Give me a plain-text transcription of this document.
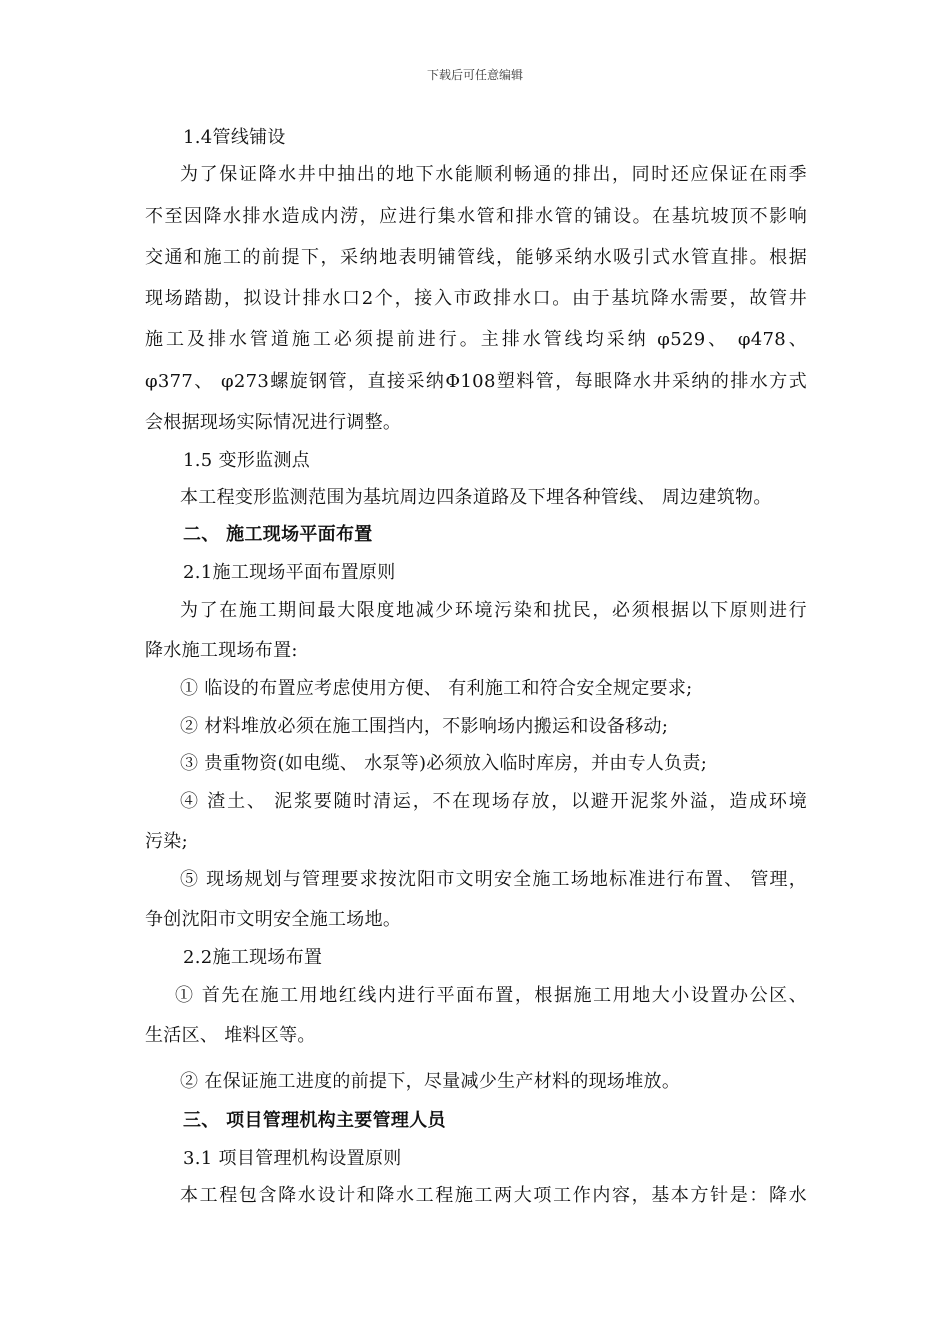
下载后可任意编辑
1.4管线铺设
为了保证降水井中抽出的地下水能顺利畅通的排出，同时还应保证在雨季
不至因降水排水造成内涝，应进行集水管和排水管的铺设。在基坑坡顶不影响
交通和施工的前提下，采纳地表明铺管线，能够采纳水吸引式水管直排。根据
现场踏勘，拟设计排水口2个，接入市政排水口。由于基坑降水需要，故管井
施工及排水管道施工必须提前进行。主排水管线均采纳 φ529、 φ478、
φ377、 φ273螺旋钢管，直接采纳Φ108塑料管，每眼降水井采纳的排水方式
会根据现场实际情况进行调整。
1.5 变形监测点
本工程变形监测范围为基坑周边四条道路及下埋各种管线、 周边建筑物。
二、 施工现场平面布置
2.1施工现场平面布置原则
为了在施工期间最大限度地减少环境污染和扰民，必须根据以下原则进行
降水施工现场布置:
① 临设的布置应考虑使用方便、 有利施工和符合安全规定要求;
② 材料堆放必须在施工围挡内，不影响场内搬运和设备移动;
③ 贵重物资(如电缆、 水泵等)必须放入临时库房，并由专人负责;
④ 渣土、 泥浆要随时清运，不在现场存放，以避开泥浆外溢，造成环境
污染;
⑤ 现场规划与管理要求按沈阳市文明安全施工场地标准进行布置、 管理，
争创沈阳市文明安全施工场地。
2.2施工现场布置
① 首先在施工用地红线内进行平面布置，根据施工用地大小设置办公区、
生活区、 堆料区等。
② 在保证施工进度的前提下，尽量减少生产材料的现场堆放。
三、 项目管理机构主要管理人员
3.1 项目管理机构设置原则
本工程包含降水设计和降水工程施工两大项工作内容，基本方针是：降水
